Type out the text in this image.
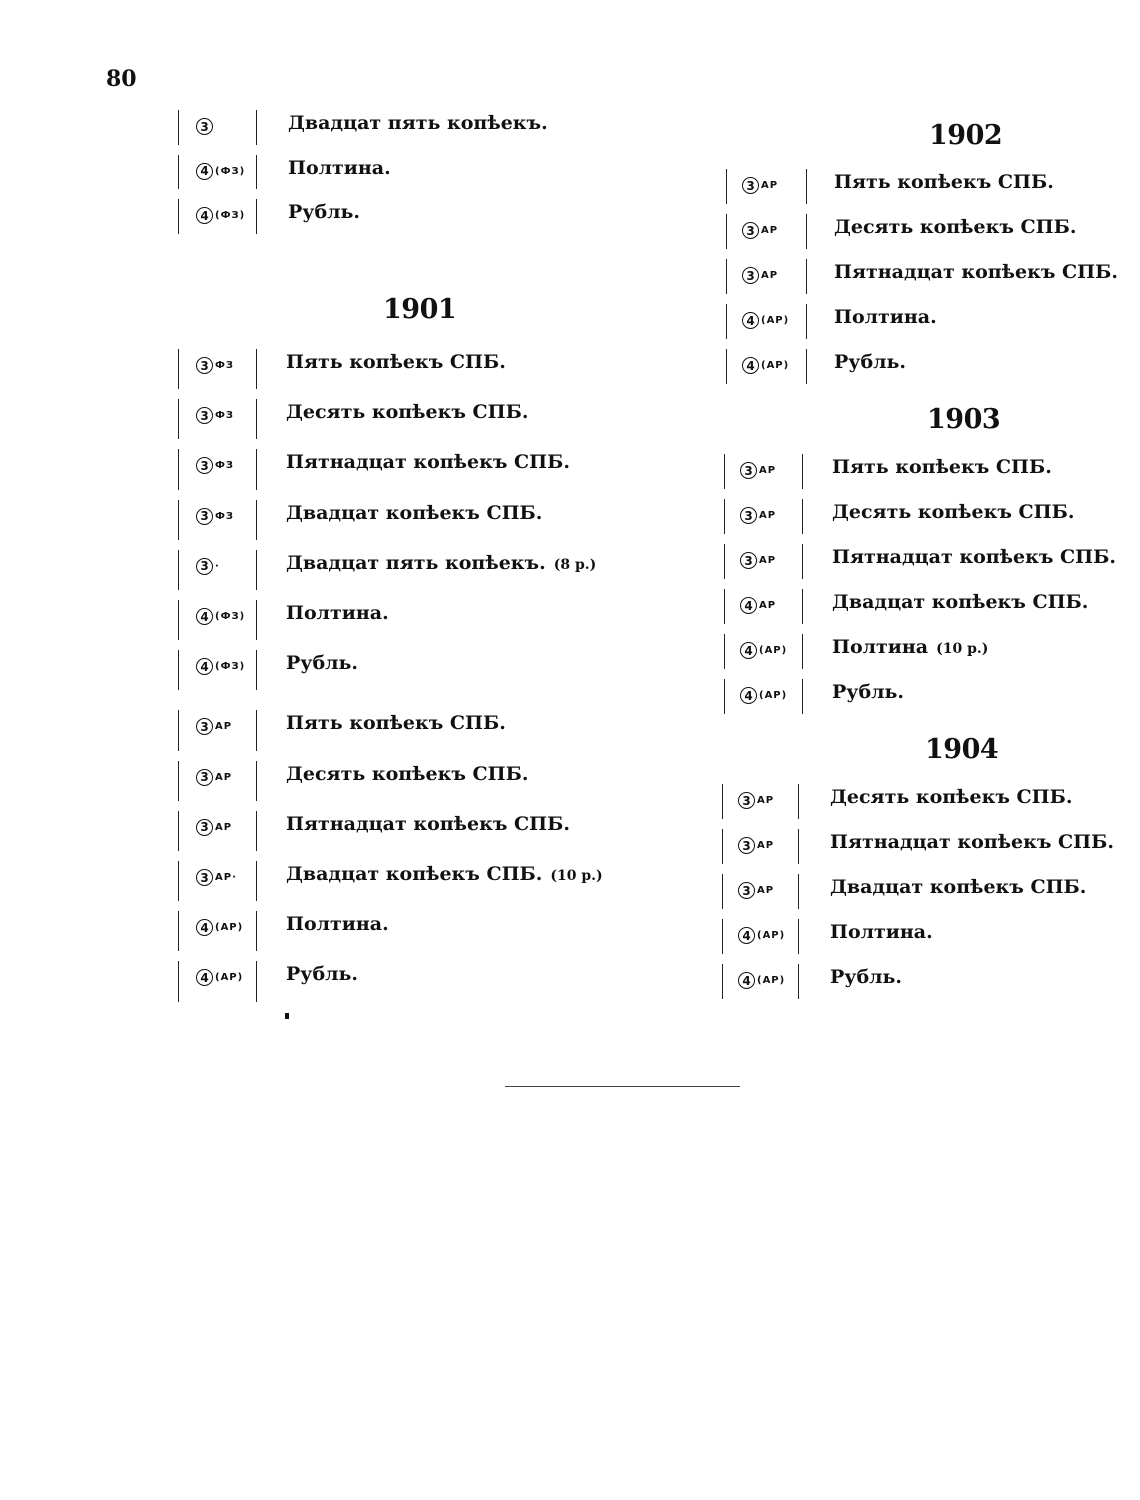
80
3	Двадцат пять копѣекъ.
4 (ФЗ) Полтина.
4 (ФЗ) Рубль.
1901
3 ФЗ	Пять копѣекъ СПБ.
3 ФЗ	Десять копѣекъ СПБ.
3 ФЗ	Пятнадцат копѣекъ СПБ.
3 ФЗ	Двадцат копѣекъ СПБ.
3 ·	Двадцат пять копѣекъ. (8 р.)
4 (ФЗ) Полтина.
4 (ФЗ) Рубль.
3 АР	Пять копѣекъ СПБ.
3 АР	Десять копѣекъ СПБ.
3 АР	Пятнадцат копѣекъ СПБ.
3 АР·	Двадцат копѣекъ СПБ. (10 р.)
4 (АР) Полтина.
4 (АР) Рубль.
1902
3 АР	Пять копѣекъ СПБ.
3 АР	Десять копѣекъ СПБ.
3 АР	Пятнадцат копѣекъ СПБ.
4 (АР) Полтина.
4 (АР) Рубль.
1903
3 АР	Пять копѣекъ СПБ.
3 АР	Десять копѣекъ СПБ.
3 АР	Пятнадцат копѣекъ СПБ.
4 АР	Двадцат копѣекъ СПБ.
4 (АР) Полтина (10 р.)
4 (АР) Рубль.
1904
3 АР	Десять копѣекъ СПБ.
3 АР	Пятнадцат копѣекъ СПБ.
3 АР	Двадцат копѣекъ СПБ.
4 (АР) Полтина.
4 (АР) Рубль.
